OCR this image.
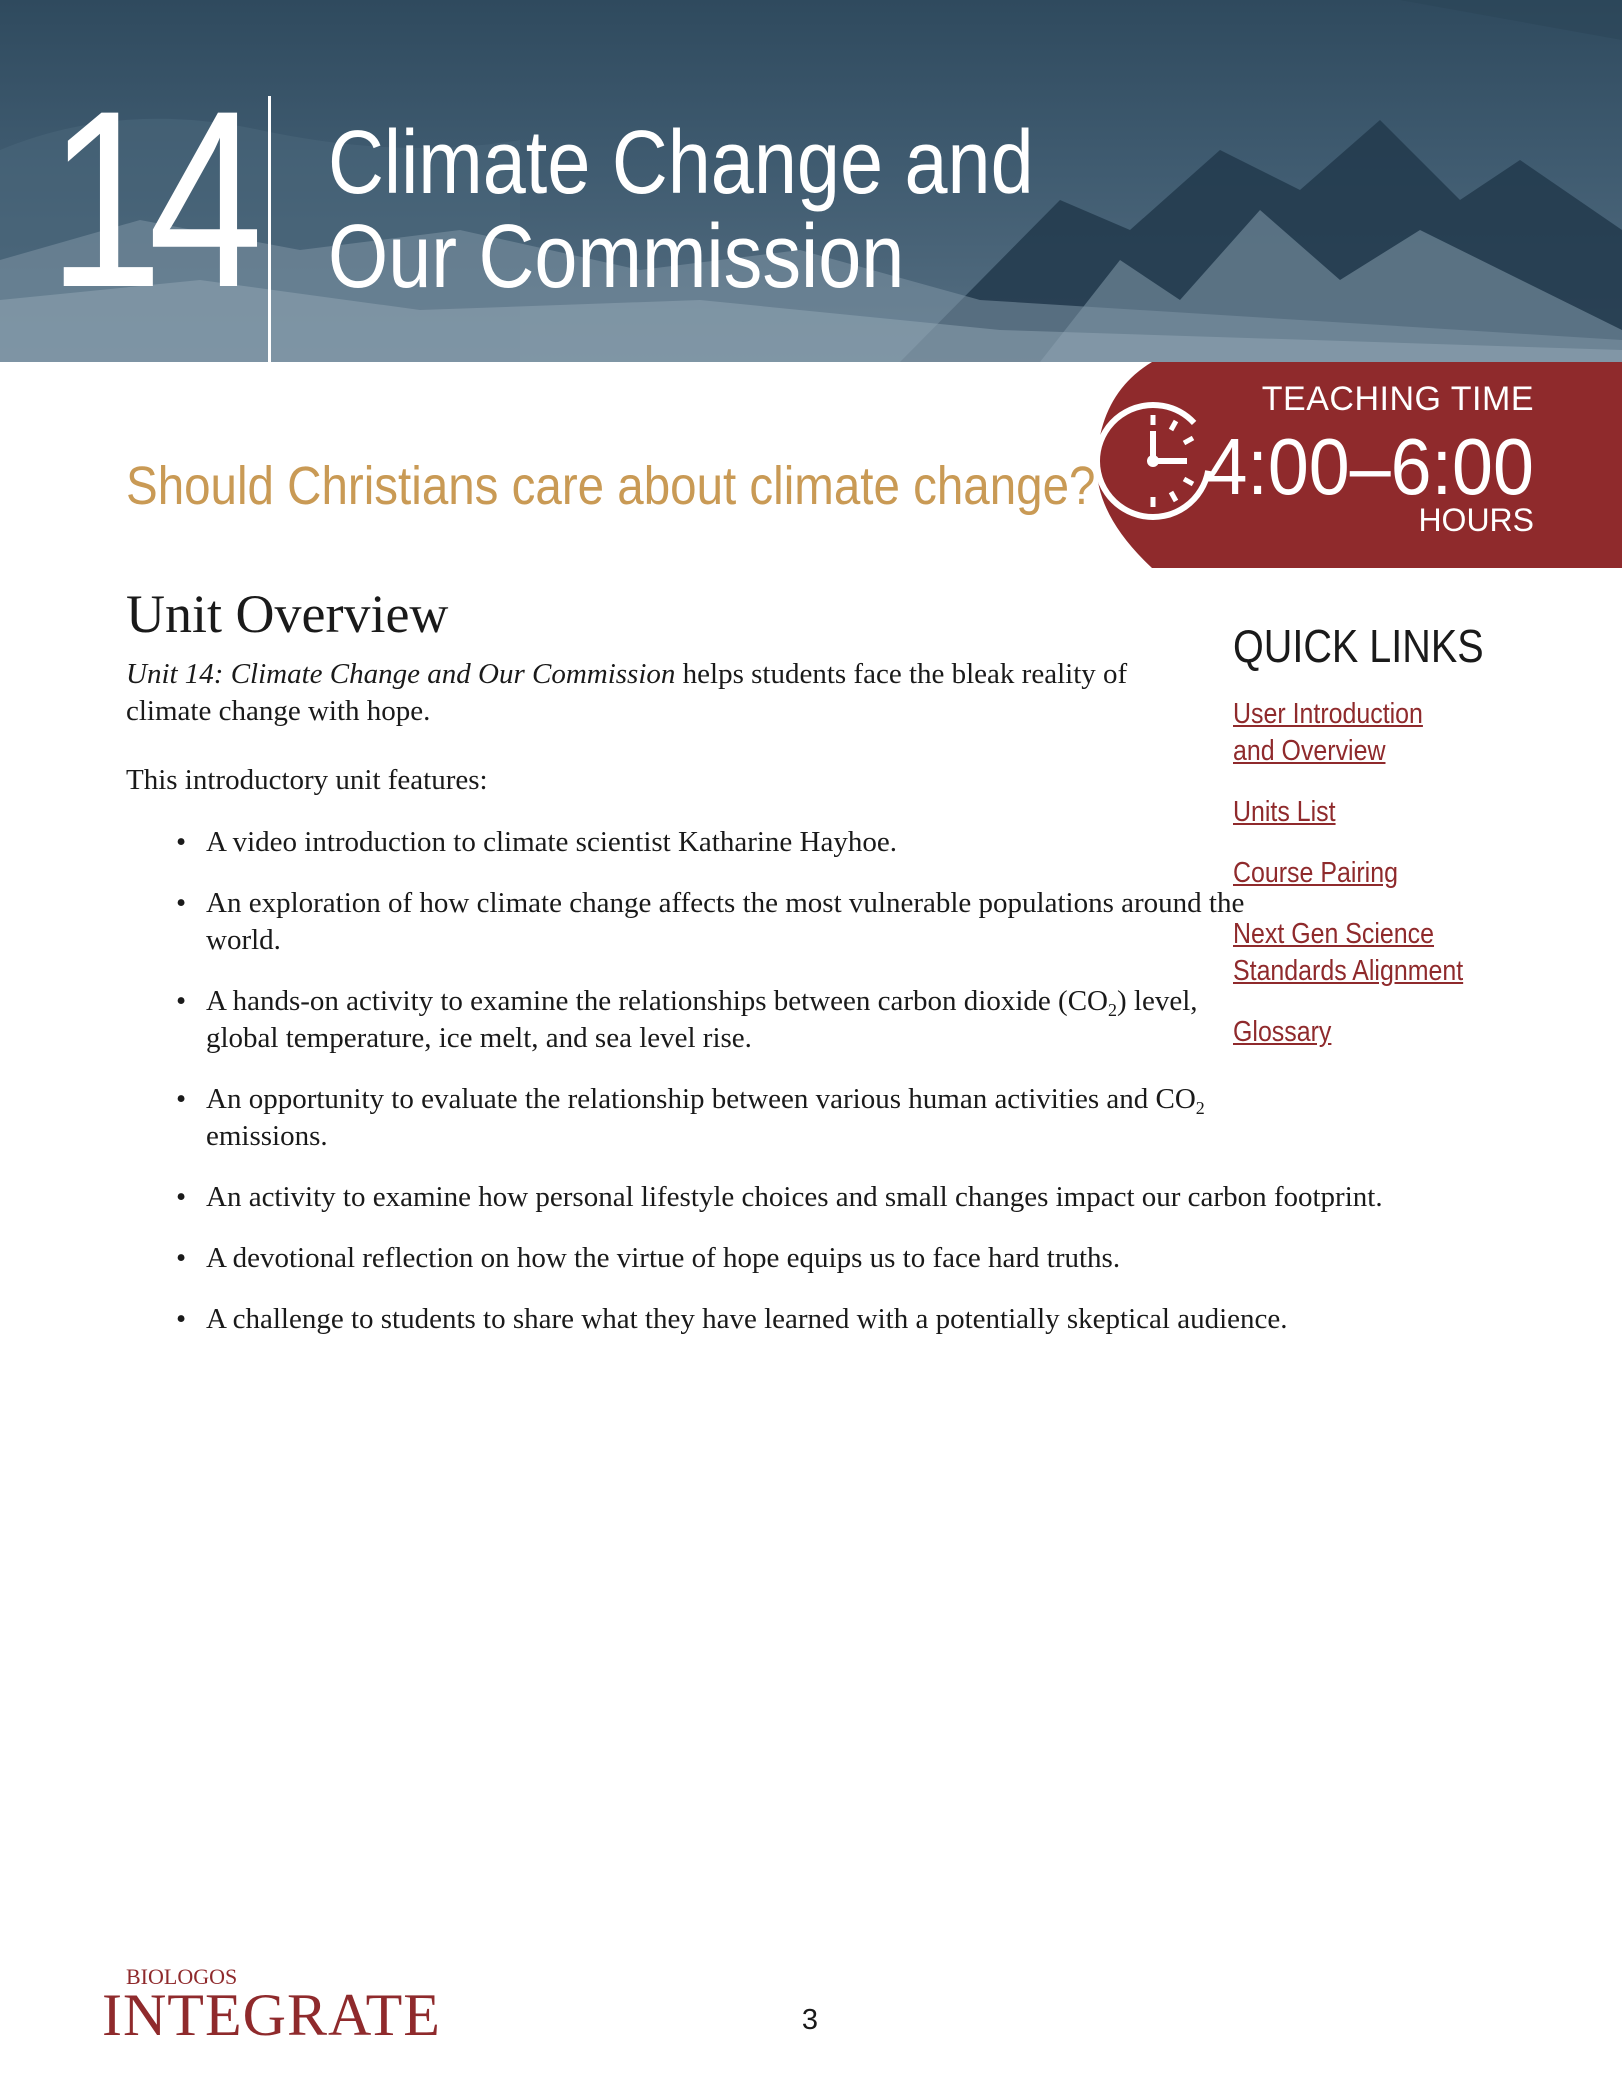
14 Climate Change and
Our Commission
TEACHING TIME
4:00–6:00
HOURS
Should Christians care about climate change?
Unit Overview
Unit 14: Climate Change and Our Commission helps students face the bleak reality of climate change with hope.
This introductory unit features:
• A video introduction to climate scientist Katharine Hayhoe.
• An exploration of how climate change affects the most vulnerable populations around the world.
• A hands-on activity to examine the relationships between carbon dioxide $(CO_2)$ level, global temperature, ice melt, and sea level rise.
• An opportunity to evaluate the relationship between various human activities and $CO_2$ emissions.
• An activity to examine how personal lifestyle choices and small changes impact our carbon footprint.
• A devotional reflection on how the virtue of hope equips us to face hard truths.
• A challenge to students to share what they have learned with a potentially skeptical audience.
QUICK LINKS
User Introduction
and Overview
Units List
Course Pairing
Next Gen Science
Standards Alignment
Glossary
BIOLOGOS
INTEGRATE	3
